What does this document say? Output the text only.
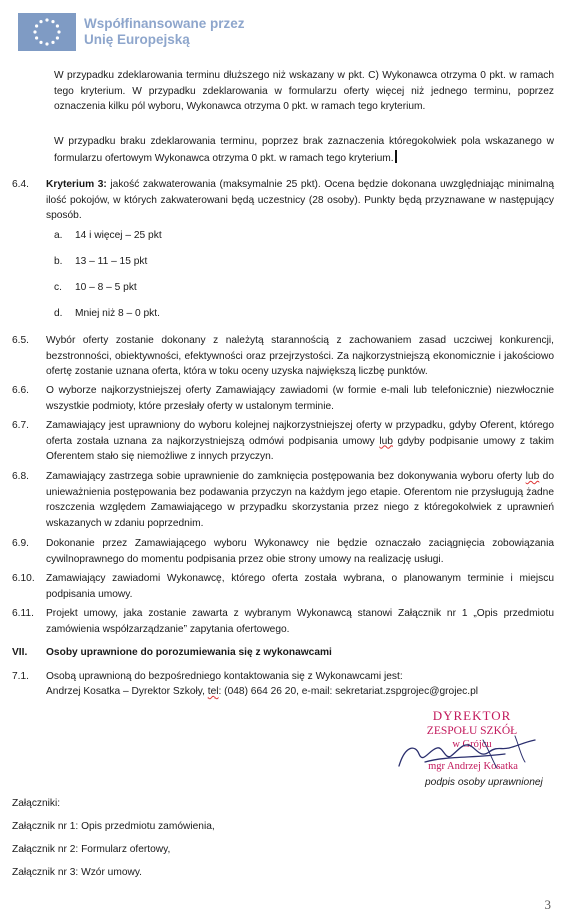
Współfinansowane przez
Unię Europejską
W przypadku zdeklarowania terminu dłuższego niż wskazany w pkt. C) Wykonawca otrzyma 0 pkt. w ramach tego kryterium. W przypadku zdeklarowania w formularzu oferty więcej niż jednego terminu, poprzez oznaczenia kilku pól wyboru, Wykonawca otrzyma 0 pkt. w ramach tego kryterium.
W przypadku braku zdeklarowania terminu, poprzez brak zaznaczenia któregokolwiek pola wskazanego w formularzu ofertowym Wykonawca otrzyma 0 pkt. w ramach tego kryterium.
6.4. Kryterium 3: jakość zakwaterowania (maksymalnie 25 pkt). Ocena będzie dokonana uwzględniając minimalną ilość pokojów, w których zakwaterowani będą uczestnicy (28 osoby). Punkty będą przyznawane w następujący sposób.
a. 14 i więcej – 25 pkt
b. 13 – 11 – 15 pkt
c. 10 – 8 – 5 pkt
d. Mniej niż 8 – 0 pkt.
6.5. Wybór oferty zostanie dokonany z należytą starannością z zachowaniem zasad uczciwej konkurencji, bezstronności, obiektywności, efektywności oraz przejrzystości. Za najkorzystniejszą ekonomicznie i jakościowo ofertę zostanie uznana oferta, która w toku oceny uzyska największą liczbę punktów.
6.6. O wyborze najkorzystniejszej oferty Zamawiający zawiadomi (w formie e-mali lub telefonicznie) niezwłocznie wszystkie podmioty, które przesłały oferty w ustalonym terminie.
6.7. Zamawiający jest uprawniony do wyboru kolejnej najkorzystniejszej oferty w przypadku, gdyby Oferent, którego oferta została uznana za najkorzystniejszą odmówi podpisania umowy lub gdyby podpisanie umowy z takim Oferentem stało się niemożliwe z innych przyczyn.
6.8. Zamawiający zastrzega sobie uprawnienie do zamknięcia postępowania bez dokonywania wyboru oferty lub do unieważnienia postępowania bez podawania przyczyn na każdym jego etapie. Oferentom nie przysługują żadne roszczenia względem Zamawiającego w przypadku skorzystania przez niego z któregokolwiek z uprawnień wskazanych w zdaniu poprzednim.
6.9. Dokonanie przez Zamawiającego wyboru Wykonawcy nie będzie oznaczało zaciągnięcia zobowiązania cywilnoprawnego do momentu podpisania przez obie strony umowy na realizację usługi.
6.10. Zamawiający zawiadomi Wykonawcę, którego oferta została wybrana, o planowanym terminie i miejscu podpisania umowy.
6.11. Projekt umowy, jaka zostanie zawarta z wybranym Wykonawcą stanowi Załącznik nr 1 „Opis przedmiotu zamówienia współzarządzanie” zapytania ofertowego.
VII. Osoby uprawnione do porozumiewania się z wykonawcami
7.1. Osobą uprawnioną do bezpośredniego kontaktowania się z Wykonawcami jest:
Andrzej Kosatka – Dyrektor Szkoły, tel: (048) 664 26 20, e-mail: sekretariat.zspgrojec@grojec.pl
DYREKTOR
ZESPOŁU SZKÓŁ
w Grójcu
mgr Andrzej Kosatka
podpis osoby uprawnionej
Załączniki:
Załącznik nr 1: Opis przedmiotu zamówienia,
Załącznik nr 2: Formularz ofertowy,
Załącznik nr 3: Wzór umowy.
3
